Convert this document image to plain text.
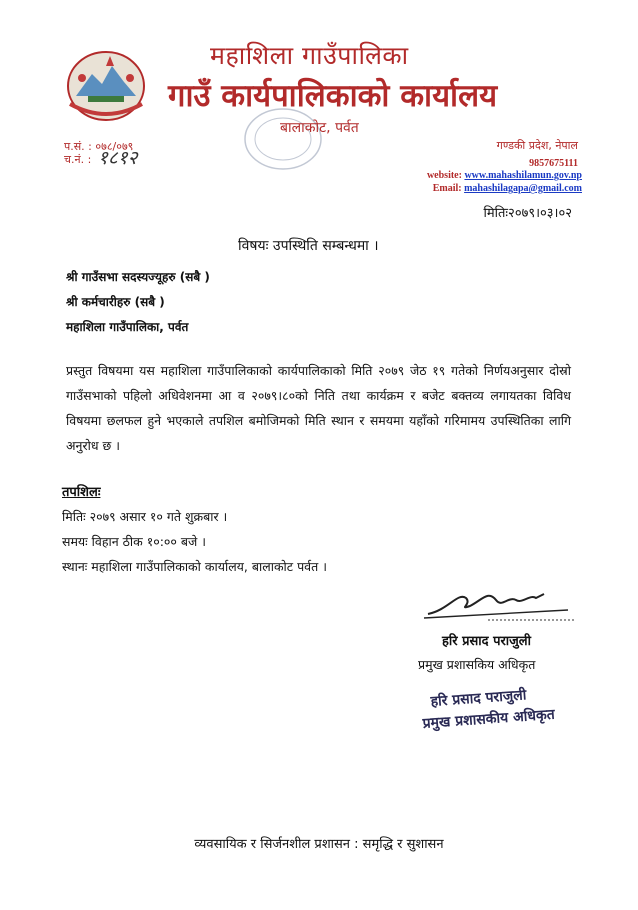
महाशिला गाउँपालिका
गाउँ कार्यपालिकाको कार्यालय
बालाकोट, पर्वत
प.सं. : ०७८/०७९
च.नं. : १८१२
गण्डकी प्रदेश, नेपाल
9857675111
website: www.mahashilamun.gov.np
Email: mahashilagapa@gmail.com
मितिः२०७९।०३।०२
विषयः उपस्थिति सम्बन्धमा ।
श्री गाउँसभा सदस्यज्यूहरु (सबै )
श्री कर्मचारीहरु (सबै )
महाशिला गाउँपालिका, पर्वत
प्रस्तुत विषयमा यस महाशिला गाउँपालिकाको कार्यपालिकाको मिति २०७९ जेठ १९ गतेको निर्णयअनुसार दोस्रो गाउँसभाको पहिलो अधिवेशनमा आ व २०७९।८०को निति तथा कार्यक्रम र बजेट बक्तव्य लगायतका विविध विषयमा छलफल हुने भएकाले तपशिल बमोजिमको मिति स्थान र समयमा यहाँको गरिमामय उपस्थितिका लागि अनुरोध छ ।
तपशिलः
मितिः २०७९ असार १० गते शुक्रबार ।
समयः विहान ठीक १०:०० बजे ।
स्थानः महाशिला गाउँपालिकाको कार्यालय, बालाकोट पर्वत ।
हरि प्रसाद पराजुली
प्रमुख प्रशासकिय अधिकृत
हरि प्रसाद पराजुली
प्रमुख प्रशासकीय अधिकृत
व्यवसायिक र सिर्जनशील प्रशासन : समृद्धि र सुशासन
